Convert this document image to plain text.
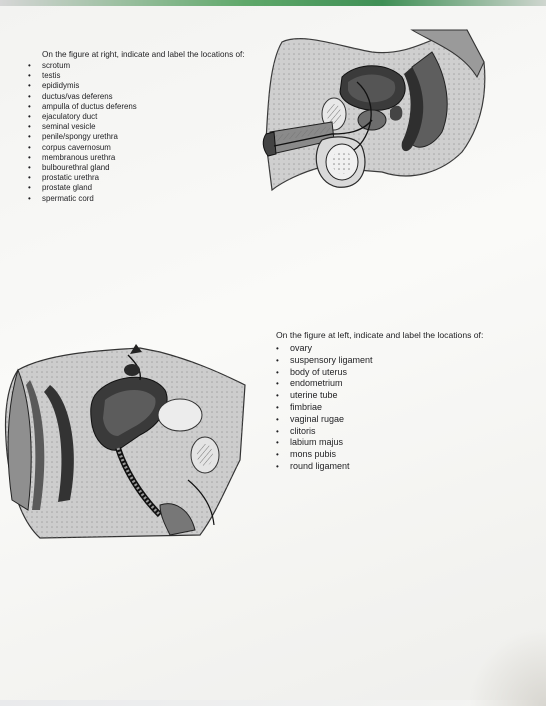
On the figure at right, indicate and label the locations of:
• scrotum
• testis
• epididymis
• ductus/vas deferens
• ampulla of ductus deferens
• ejaculatory duct
• seminal vesicle
• penile/spongy urethra
• corpus cavernosum
• membranous urethra
• bulbourethral gland
• prostatic urethra
• prostate gland
• spermatic cord
On the figure at left, indicate and label the locations of:
• ovary
• suspensory ligament
• body of uterus
• endometrium
• uterine tube
• fimbriae
• vaginal rugae
• clitoris
• labium majus
• mons pubis
• round ligament
